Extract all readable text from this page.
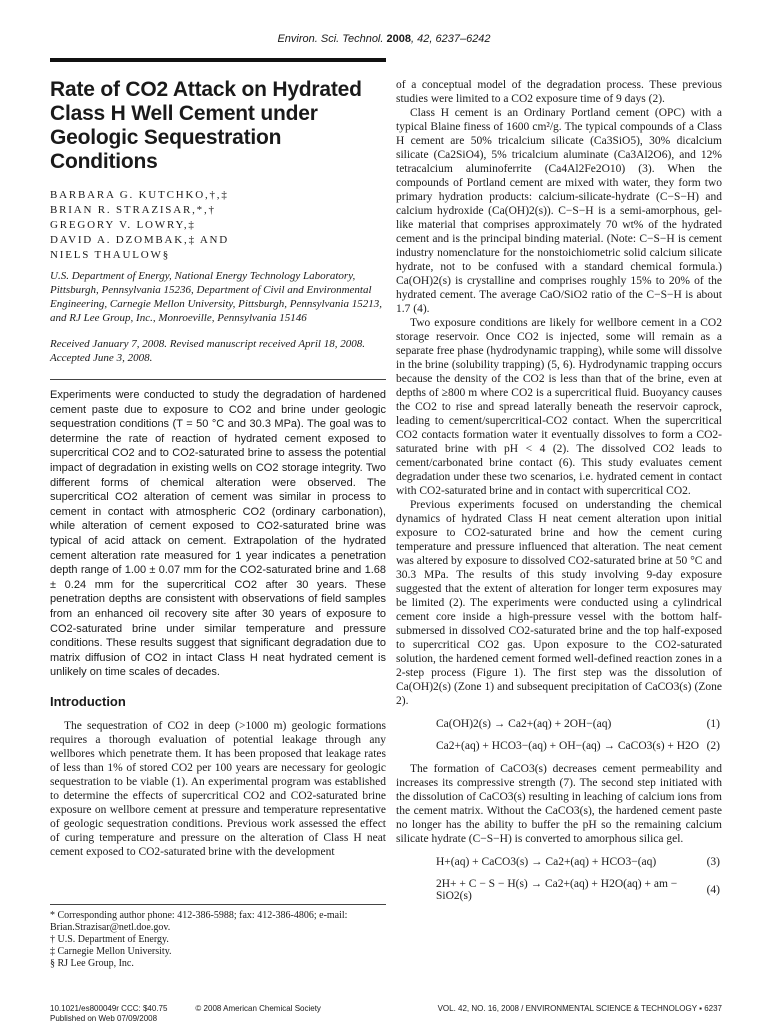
Environ. Sci. Technol. 2008, 42, 6237–6242
Rate of CO2 Attack on Hydrated Class H Well Cement under Geologic Sequestration Conditions
BARBARA G. KUTCHKO,†,‡
BRIAN R. STRAZISAR,*,†
GREGORY V. LOWRY,‡
DAVID A. DZOMBAK,‡ AND
NIELS THAULOW§
U.S. Department of Energy, National Energy Technology Laboratory, Pittsburgh, Pennsylvania 15236, Department of Civil and Environmental Engineering, Carnegie Mellon University, Pittsburgh, Pennsylvania 15213, and RJ Lee Group, Inc., Monroeville, Pennsylvania 15146
Received January 7, 2008. Revised manuscript received April 18, 2008. Accepted June 3, 2008.
Experiments were conducted to study the degradation of hardened cement paste due to exposure to CO2 and brine under geologic sequestration conditions (T = 50 °C and 30.3 MPa). The goal was to determine the rate of reaction of hydrated cement exposed to supercritical CO2 and to CO2-saturated brine to assess the potential impact of degradation in existing wells on CO2 storage integrity. Two different forms of chemical alteration were observed. The supercritical CO2 alteration of cement was similar in process to cement in contact with atmospheric CO2 (ordinary carbonation), while alteration of cement exposed to CO2-saturated brine was typical of acid attack on cement. Extrapolation of the hydrated cement alteration rate measured for 1 year indicates a penetration depth range of 1.00 ± 0.07 mm for the CO2-saturated brine and 1.68 ± 0.24 mm for the supercritical CO2 after 30 years. These penetration depths are consistent with observations of field samples from an enhanced oil recovery site after 30 years of exposure to CO2-saturated brine under similar temperature and pressure conditions. These results suggest that significant degradation due to matrix diffusion of CO2 in intact Class H neat hydrated cement is unlikely on time scales of decades.
Introduction

The sequestration of CO2 in deep (>1000 m) geologic formations requires a thorough evaluation of potential leakage through any wellbores which penetrate them. It has been proposed that leakage rates of less than 1% of stored CO2 per 100 years are necessary for geologic sequestration to be viable (1). An experimental program was established to determine the effects of supercritical CO2 and CO2-saturated brine exposure on wellbore cement at pressure and temperature representative of geologic sequestration conditions. Previous work assessed the effect of curing temperature and pressure on the alteration of Class H neat cement exposed to CO2-saturated brine with the development

of a conceptual model of the degradation process. These previous studies were limited to a CO2 exposure time of 9 days (2).

Class H cement is an Ordinary Portland cement (OPC) with a typical Blaine finess of 1600 cm²/g. The typical compounds of a Class H cement are 50% tricalcium silicate (Ca3SiO5), 30% dicalcium silicate (Ca2SiO4), 5% tricalcium aluminate (Ca3Al2O6), and 12% tetracalcium aluminoferrite (Ca4Al2Fe2O10) (3). When the compounds of Portland cement are mixed with water, they form two primary hydration products: calcium-silicate-hydrate (C−S−H) and calcium hydroxide (Ca(OH)2(s)). C−S−H is a semi-amorphous, gel-like material that comprises approximately 70 wt% of the hydrated cement and is the principal binding material. (Note: C−S−H is cement industry nomenclature for the nonstoichiometric solid calcium silicate hydrate, not to be confused with a standard chemical formula.) Ca(OH)2(s) is crystalline and comprises roughly 15% to 20% of the hydrated cement. The average CaO/SiO2 ratio of the C−S−H is about 1.7 (4).

Two exposure conditions are likely for wellbore cement in a CO2 storage reservoir. Once CO2 is injected, some will remain as a separate free phase (hydrodynamic trapping), while some will dissolve in the brine (solubility trapping) (5, 6). Hydrodynamic trapping occurs because the density of the CO2 is less than that of the brine, even at depths of ≥800 m where CO2 is a supercritical fluid. Buoyancy causes the CO2 to rise and spread laterally beneath the reservoir caprock, leading to cement/supercritical-CO2 contact. When the supercritical CO2 contacts formation water it eventually dissolves to form a CO2-saturated brine with pH < 4 (2). The dissolved CO2 leads to cement/carbonated brine contact (6). This study evaluates cement degradation under these two scenarios, i.e. hydrated cement in contact with CO2-saturated brine and in contact with supercritical CO2.

Previous experiments focused on understanding the chemical dynamics of hydrated Class H neat cement alteration upon initial exposure to CO2-saturated brine and how the cement curing temperature and pressure influenced that alteration. The neat cement was altered by exposure to dissolved CO2-saturated brine at 50 °C and 30.3 MPa. The results of this study involving 9-day exposure suggested that the extent of alteration for longer term exposures may be limited (2). The experiments were conducted using a cylindrical cement core inside a high-pressure vessel with the bottom half-submersed in dissolved CO2-saturated brine and the top half-exposed to supercritical CO2 gas. Upon exposure to the CO2-saturated solution, the hardened cement formed well-defined reaction zones in a 2-step process (Figure 1). The first step was the dissolution of Ca(OH)2(s) (Zone 1) and subsequent precipitation of CaCO3(s) (Zone 2).

Ca(OH)2(s) → Ca2+(aq) + 2OH−(aq)	(1)
Ca2+(aq) + HCO3−(aq) + OH−(aq) → CaCO3(s) + H2O (2)

The formation of CaCO3(s) decreases cement permeability and increases its compressive strength (7). The second step initiated with the dissolution of CaCO3(s) resulting in leaching of calcium ions from the cement matrix. Without the CaCO3(s), the hardened cement paste no longer has the ability to buffer the pH so the remaining calcium silicate hydrate (C−S−H) is converted to amorphous silica gel.

H+(aq) + CaCO3(s) → Ca2+(aq) + HCO3−(aq)	(3)
2H+ + C − S − H(s) → Ca2+(aq) + H2O(aq) + am − SiO2(s)	(4)
* Corresponding author phone: 412-386-5988; fax: 412-386-4806; e-mail: Brian.Strazisar@netl.doe.gov.
† U.S. Department of Energy.
‡ Carnegie Mellon University.
§ RJ Lee Group, Inc.
10.1021/es800049r CCC: $40.75	© 2008 American Chemical Society
Published on Web 07/09/2008
VOL. 42, NO. 16, 2008 / ENVIRONMENTAL SCIENCE & TECHNOLOGY ▪ 6237
